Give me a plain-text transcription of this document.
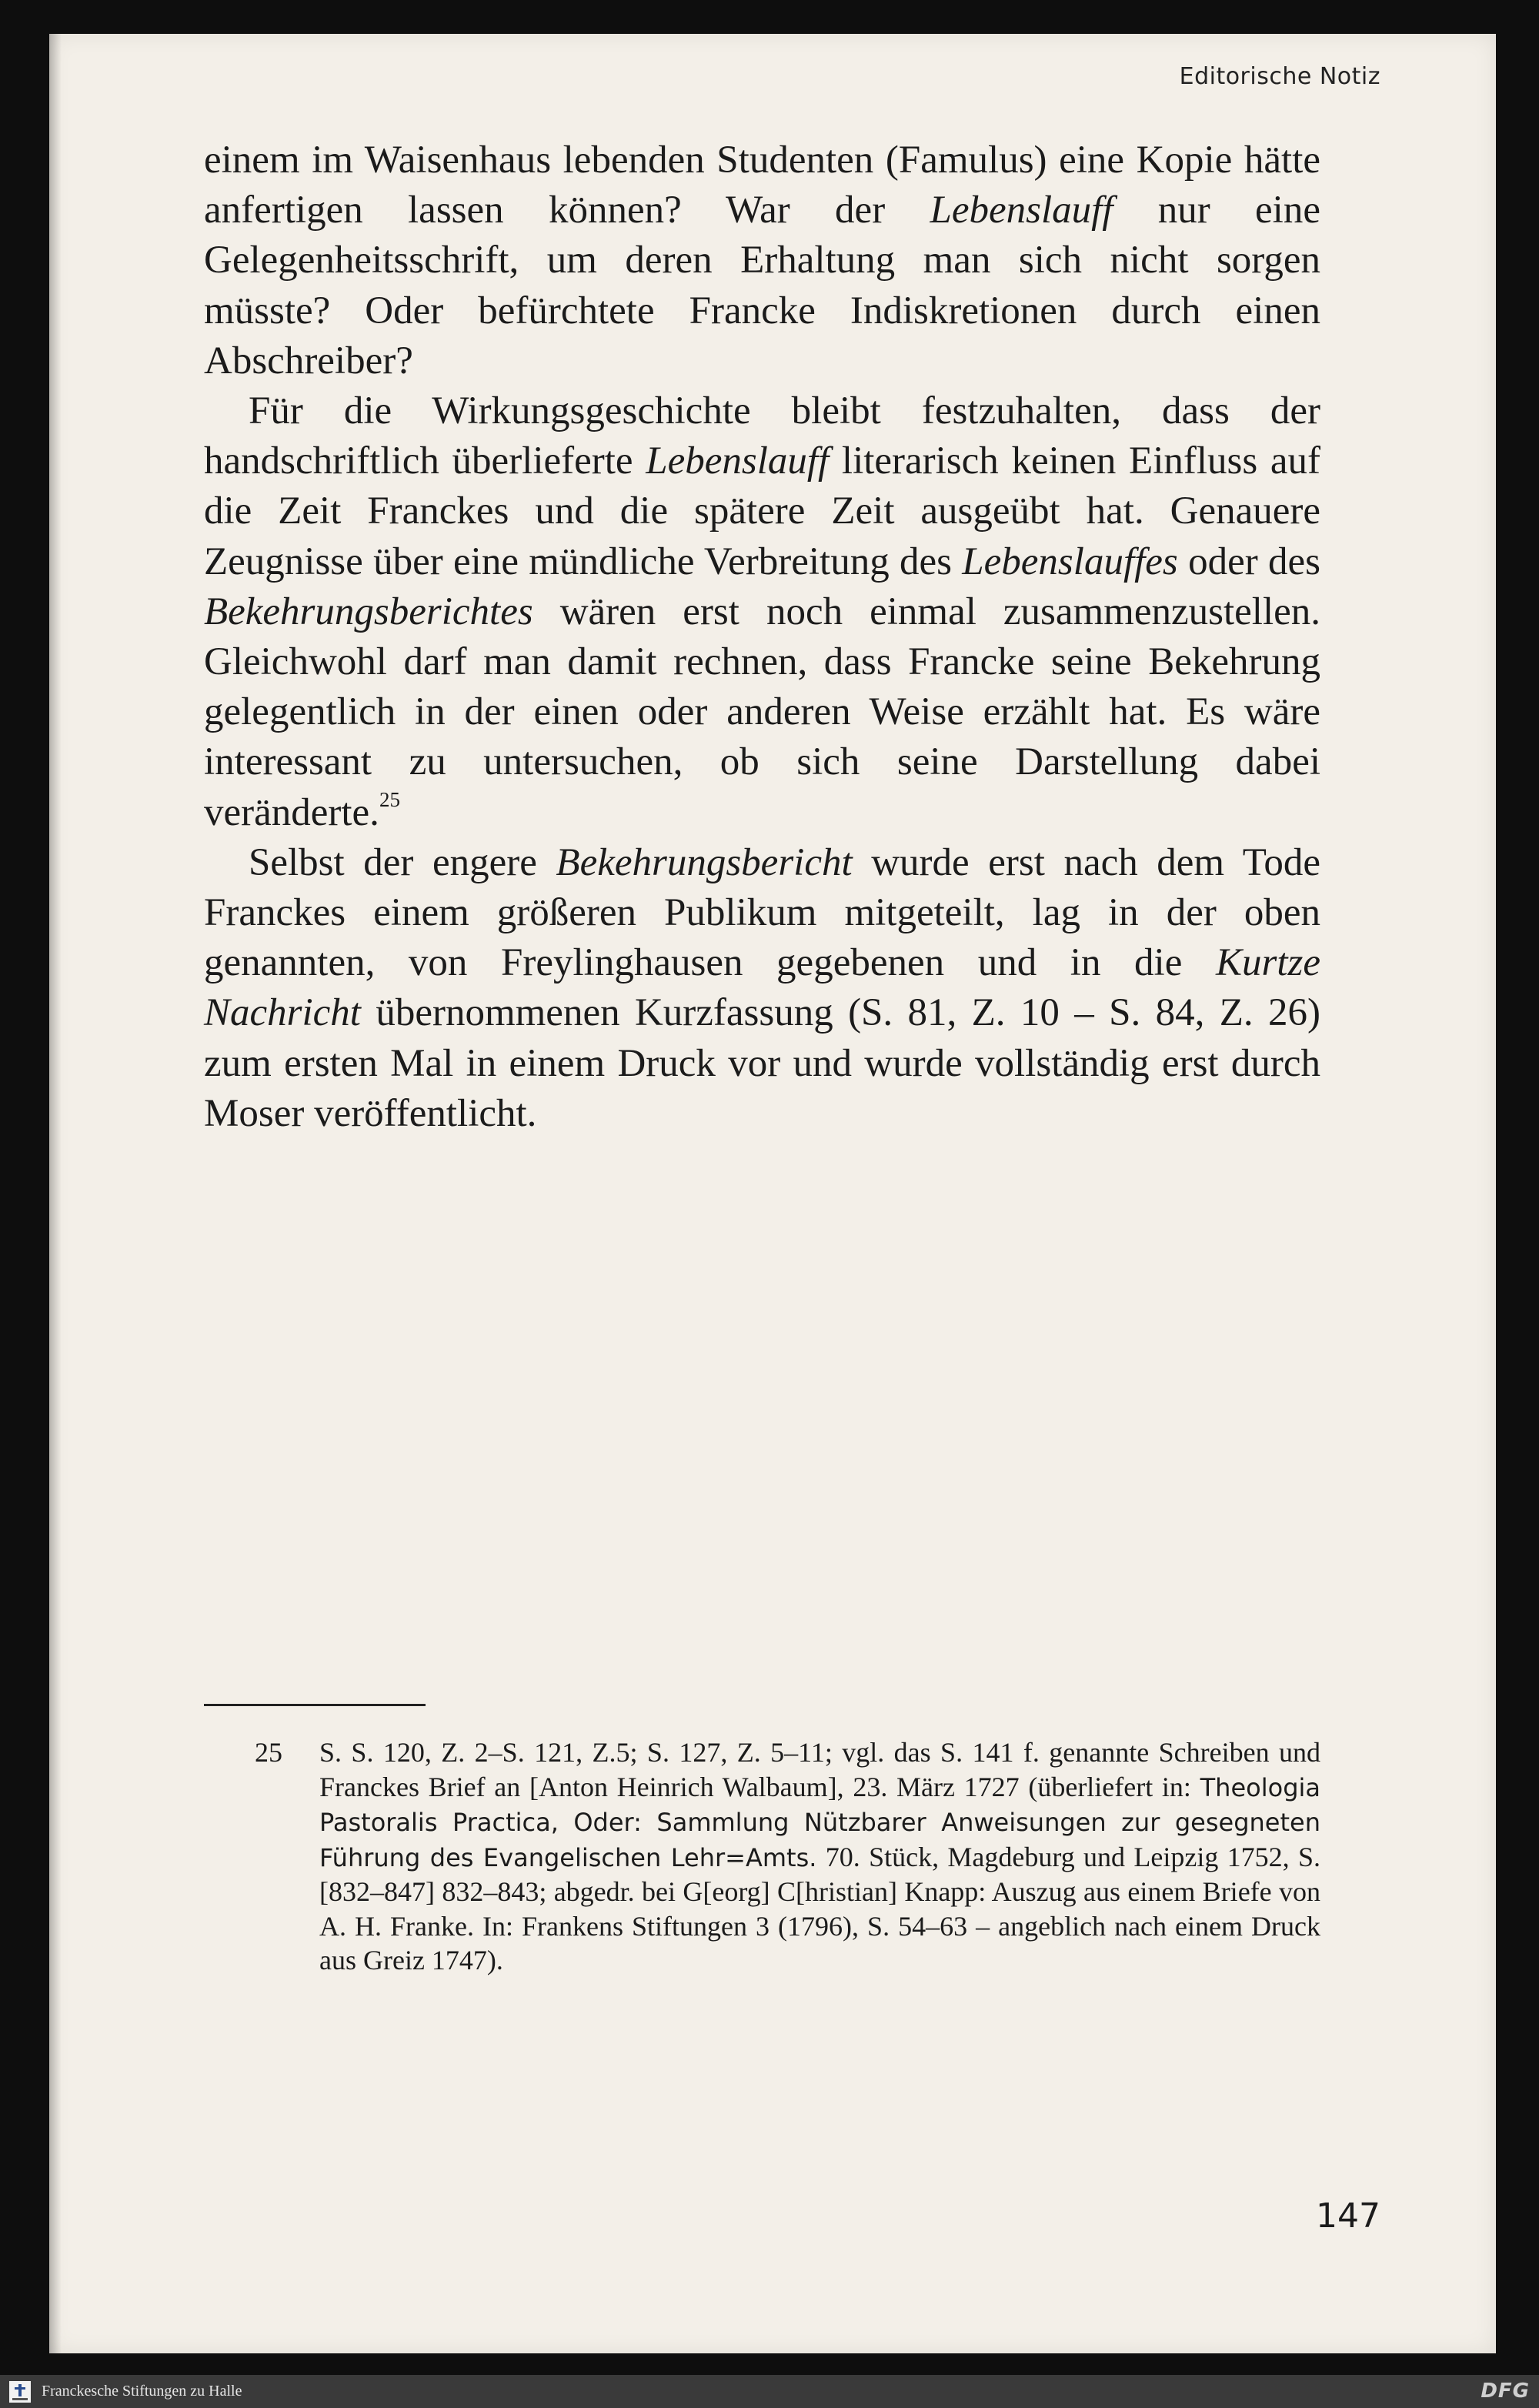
Editorische Notiz

einem im Waisenhaus lebenden Studenten (Famulus) eine Kopie hätte anfertigen lassen können? War der Lebenslauff nur eine Gelegenheitsschrift, um deren Erhaltung man sich nicht sorgen müsste? Oder befürchtete Francke Indiskretionen durch einen Abschreiber?

Für die Wirkungsgeschichte bleibt festzuhalten, dass der handschriftlich überlieferte Lebenslauff literarisch keinen Einfluss auf die Zeit Franckes und die spätere Zeit ausgeübt hat. Genauere Zeugnisse über eine mündliche Verbreitung des Lebenslauffes oder des Bekehrungsberichtes wären erst noch einmal zusammenzustellen. Gleichwohl darf man damit rechnen, dass Francke seine Bekehrung gelegentlich in der einen oder anderen Weise erzählt hat. Es wäre interessant zu untersuchen, ob sich seine Darstellung dabei veränderte.$^{25}$

Selbst der engere Bekehrungsbericht wurde erst nach dem Tode Franckes einem größeren Publikum mitgeteilt, lag in der oben genannten, von Freylinghausen gegebenen und in die Kurtze Nachricht übernommenen Kurzfassung (S. 81, Z. 10 – S. 84, Z. 26) zum ersten Mal in einem Druck vor und wurde vollständig erst durch Moser veröffentlicht.

25 S. S. 120, Z. 2–S. 121, Z.5; S. 127, Z. 5–11; vgl. das S. 141 f. genannte Schreiben und Franckes Brief an [Anton Heinrich Walbaum], 23. März 1727 (überliefert in: Theologia Pastoralis Practica, Oder: Sammlung Nützbarer Anweisungen zur gesegneten Führung des Evangelischen Lehr=Amts. 70. Stück, Magdeburg und Leipzig 1752, S. [832–847] 832–843; abgedr. bei G[eorg] C[hristian] Knapp: Auszug aus einem Briefe von A. H. Franke. In: Frankens Stiftungen 3 (1796), S. 54–63 – angeblich nach einem Druck aus Greiz 1747).
147
Franckesche Stiftungen zu Halle	DFG
